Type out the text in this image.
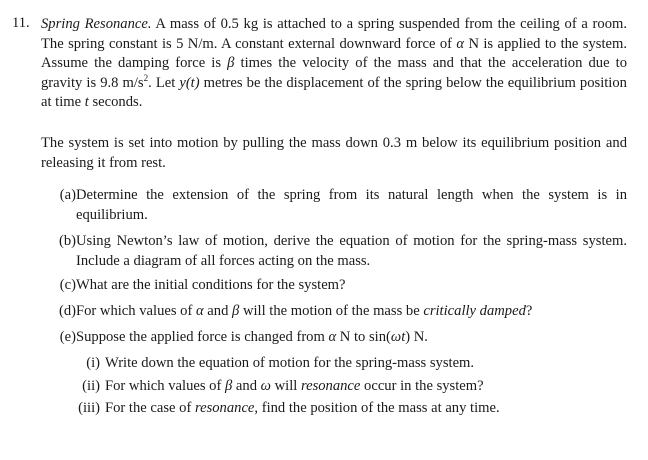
11. Spring Resonance. A mass of 0.5 kg is attached to a spring suspended from the ceiling of a room. The spring constant is 5 N/m. A constant external downward force of α N is applied to the system. Assume the damping force is β times the velocity of the mass and that the acceleration due to gravity is 9.8 $m/s^2$. Let y(t) metres be the displacement of the spring below the equilibrium position at time t seconds.
The system is set into motion by pulling the mass down 0.3 m below its equilibrium position and releasing it from rest.
(a) Determine the extension of the spring from its natural length when the system is in equilibrium.
(b) Using Newton’s law of motion, derive the equation of motion for the spring-mass system. Include a diagram of all forces acting on the mass.
(c) What are the initial conditions for the system?
(d) For which values of α and β will the motion of the mass be critically damped?
(e) Suppose the applied force is changed from α N to sin(ωt) N.
(i) Write down the equation of motion for the spring-mass system.
(ii) For which values of β and ω will resonance occur in the system?
(iii) For the case of resonance, find the position of the mass at any time.
